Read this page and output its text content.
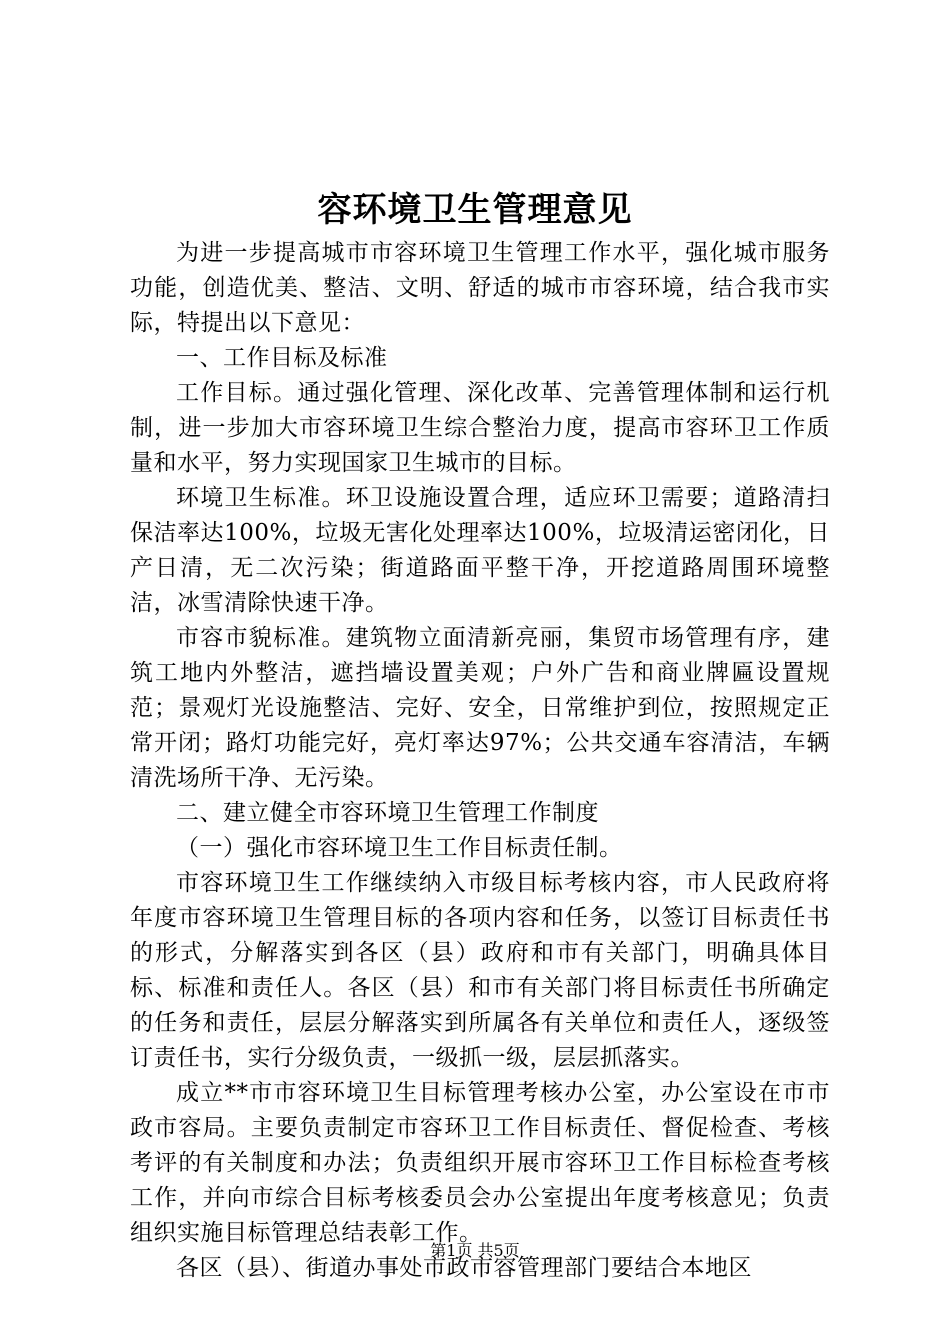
容环境卫生管理意见

为进一步提高城市市容环境卫生管理工作水平，强化城市服务功能，创造优美、整洁、文明、舒适的城市市容环境，结合我市实际，特提出以下意见：

一、工作目标及标准

工作目标。通过强化管理、深化改革、完善管理体制和运行机制，进一步加大市容环境卫生综合整治力度，提高市容环卫工作质量和水平，努力实现国家卫生城市的目标。

环境卫生标准。环卫设施设置合理，适应环卫需要；道路清扫保洁率达100%，垃圾无害化处理率达100%，垃圾清运密闭化，日产日清，无二次污染；街道路面平整干净，开挖道路周围环境整洁，冰雪清除快速干净。

市容市貌标准。建筑物立面清新亮丽，集贸市场管理有序，建筑工地内外整洁，遮挡墙设置美观；户外广告和商业牌匾设置规范；景观灯光设施整洁、完好、安全，日常维护到位，按照规定正常开闭；路灯功能完好，亮灯率达97%；公共交通车容清洁，车辆清洗场所干净、无污染。

二、建立健全市容环境卫生管理工作制度

（一）强化市容环境卫生工作目标责任制。

市容环境卫生工作继续纳入市级目标考核内容，市人民政府将年度市容环境卫生管理目标的各项内容和任务，以签订目标责任书的形式，分解落实到各区（县）政府和市有关部门，明确具体目标、标准和责任人。各区（县）和市有关部门将目标责任书所确定的任务和责任，层层分解落实到所属各有关单位和责任人，逐级签订责任书，实行分级负责，一级抓一级，层层抓落实。

成立**市市容环境卫生目标管理考核办公室，办公室设在市市政市容局。主要负责制定市容环卫工作目标责任、督促检查、考核考评的有关制度和办法；负责组织开展市容环卫工作目标检查考核工作，并向市综合目标考核委员会办公室提出年度考核意见；负责组织实施目标管理总结表彰工作。

各区（县）、街道办事处市政市容管理部门要结合本地区

第1页 共5页
